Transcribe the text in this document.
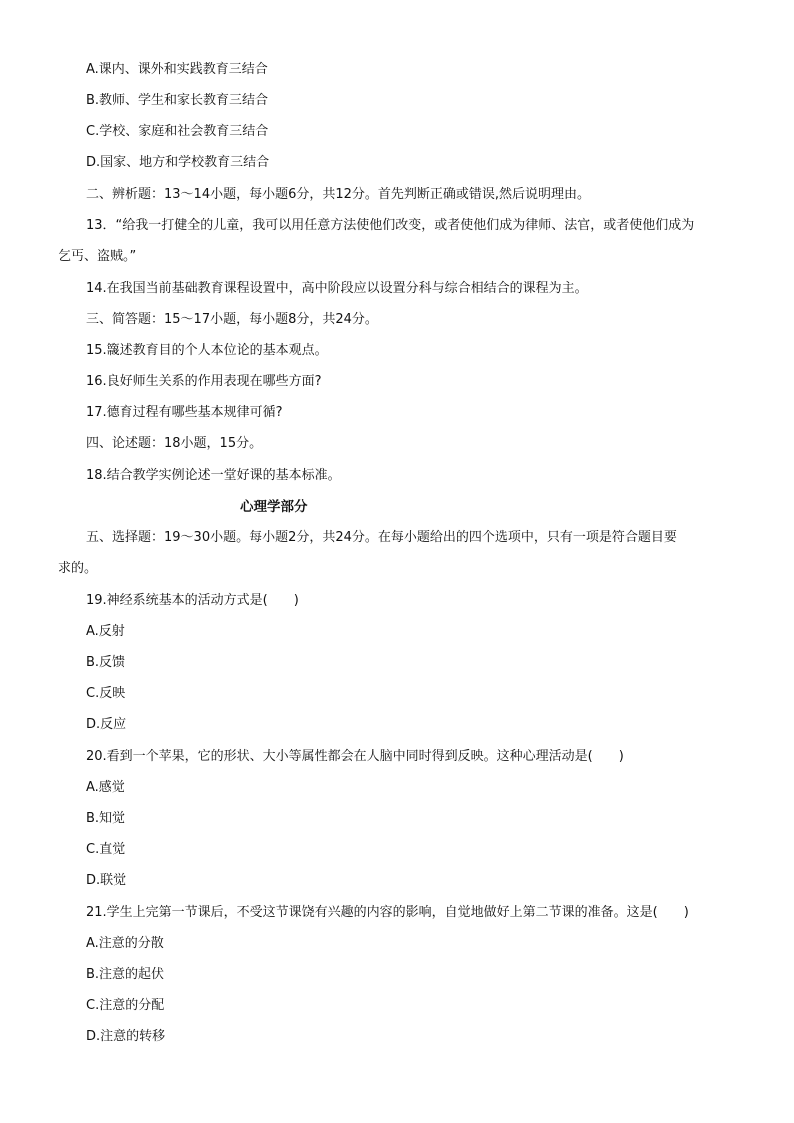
A.课内、课外和实践教育三结合
B.教师、学生和家长教育三结合
C.学校、家庭和社会教育三结合
D.国家、地方和学校教育三结合
二、辨析题：13～14小题，每小题6分，共12分。首先判断正确或错误,然后说明理由。
13．“给我一打健全的儿童，我可以用任意方法使他们改变，或者使他们成为律师、法官，或者使他们成为
乞丐、盗贼。”
14.在我国当前基础教育课程设置中，高中阶段应以设置分科与综合相结合的课程为主。
三、简答题：15～17小题，每小题8分，共24分。
15.簚述教育目的个人本位论的基本观点。
16.良好师生关系的作用表现在哪些方面?
17.德育过程有哪些基本规律可循?
四、论述题：18小题，15分。
18.结合教学实例论述一堂好课的基本标准。
心理学部分
五、选择题：19～30小题。每小题2分，共24分。在每小题给出的四个选项中，只有一项是符合题目要
求的。
19.神经系统基本的活动方式是(　　)
A.反射
B.反馈
C.反映
D.反应
20.看到一个苹果，它的形状、大小等属性都会在人脑中同时得到反映。这种心理活动是(　　)
A.感觉
B.知觉
C.直觉
D.联觉
21.学生上完第一节课后，不受这节课饶有兴趣的内容的影响，自觉地做好上第二节课的准备。这是(　　)
A.注意的分散
B.注意的起伏
C.注意的分配
D.注意的转移
